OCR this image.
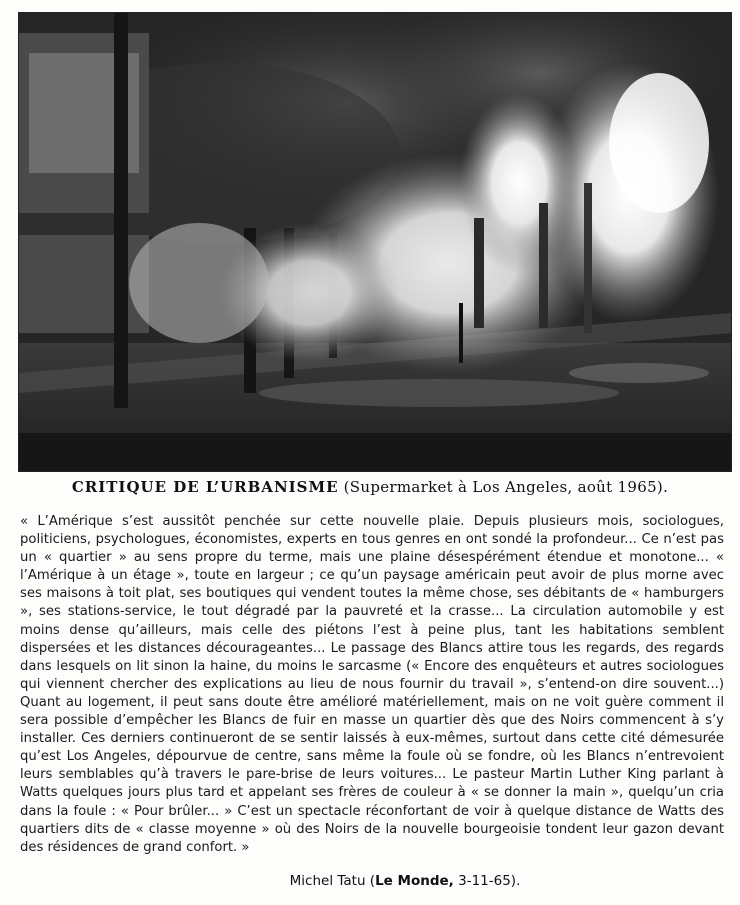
CRITIQUE DE L’URBANISME (Supermarket à Los Angeles, août 1965).
« L’Amérique s’est aussitôt penchée sur cette nouvelle plaie. Depuis plusieurs mois, sociologues, politiciens, psychologues, économistes, experts en tous genres en ont sondé la profondeur... Ce n’est pas un « quartier » au sens propre du terme, mais une plaine désespérément étendue et monotone... « l’Amérique à un étage », toute en largeur ; ce qu’un paysage américain peut avoir de plus morne avec ses maisons à toit plat, ses boutiques qui vendent toutes la même chose, ses débitants de « hamburgers », ses stations-service, le tout dégradé par la pauvreté et la crasse... La circulation automobile y est moins dense qu’ailleurs, mais celle des piétons l’est à peine plus, tant les habitations semblent dispersées et les distances décourageantes... Le passage des Blancs attire tous les regards, des regards dans lesquels on lit sinon la haine, du moins le sarcasme (« Encore des enquêteurs et autres sociologues qui viennent chercher des explications au lieu de nous fournir du travail », s’entend-on dire souvent...) Quant au logement, il peut sans doute être amélioré matériellement, mais on ne voit guère comment il sera possible d’empêcher les Blancs de fuir en masse un quartier dès que des Noirs commencent à s’y installer. Ces derniers continueront de se sentir laissés à eux-mêmes, surtout dans cette cité démesurée qu’est Los Angeles, dépourvue de centre, sans même la foule où se fondre, où les Blancs n’entrevoient leurs semblables qu’à travers le pare-brise de leurs voitures... Le pasteur Martin Luther King parlant à Watts quelques jours plus tard et appelant ses frères de couleur à « se donner la main », quelqu’un cria dans la foule : « Pour brûler... » C’est un spectacle réconfortant de voir à quelque distance de Watts des quartiers dits de « classe moyenne » où des Noirs de la nouvelle bourgeoisie tondent leur gazon devant des résidences de grand confort. »
Michel Tatu (Le Monde, 3-11-65).
